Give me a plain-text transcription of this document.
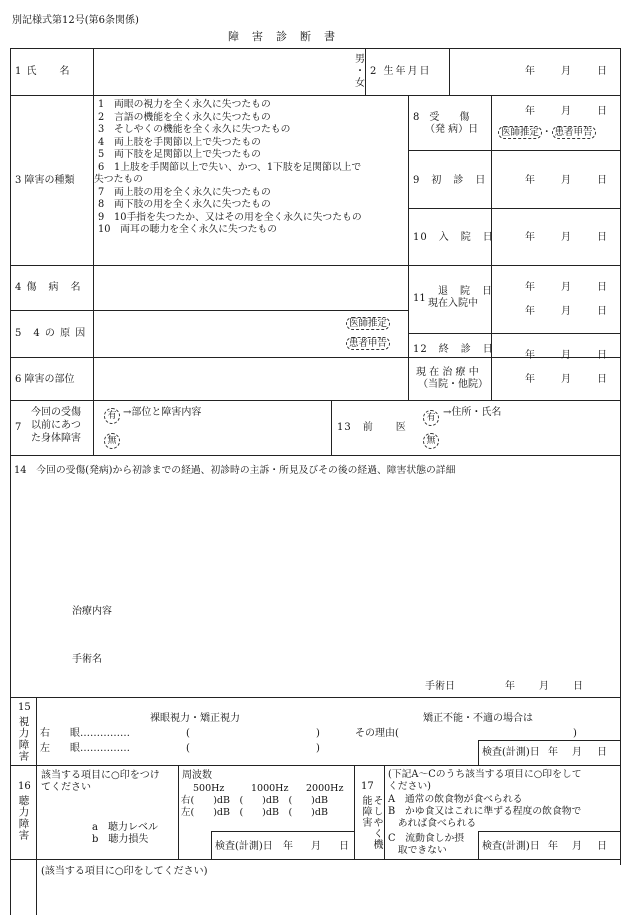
別記様式第12号(第6条関係)
障　害　診　断　書
1 氏　　名
男
・
女
2 生年月日	年	月	日
3 障害の種類
1　両眼の視力を全く永久に失つたもの
2　言語の機能を全く永久に失つたもの
3　そしやくの機能を全く永久に失つたもの
4　両上肢を手関節以上で失つたもの
5　両下肢を足関節以上で失つたもの
6　1上肢を手関節以上で失い、かつ、1下肢を足関節以上で
失つたもの
7　両上肢の用を全く永久に失つたもの
8　両下肢の用を全く永久に失つたもの
9　10手指を失つたか、又はその用を全く永久に失つたもの
10　両耳の聴力を全く永久に失つたもの
8　受　　傷
（発 病）日
年	月	日
医師推定 ・ 患者申告
9　初　診　日	年	月	日
10　入　院　日	年	月	日
4 傷　病　名
11
退　院　日
現在入院中
年	月	日
年	月	日
5　4 の 原 因
医師推定
患者申告
12　終　診　日
年	月	日
6 障害の部位
現 在 治 療 中
（当院・他院）	年	月	日
7
今回の受傷
以前にあつ
た身体障害
有
無
→部位と障害内容
13　前　　医
有
無
→住所・氏名
14　今回の受傷(発病)から初診までの経過、初診時の主訴・所見及びその後の経過、障害状態の詳細
治療内容
手術名
手術日	年 月 日
15
視力障害	裸眼視力・矯正視力
右　　眼……………
左　　眼……………
(	)
(	)
矯正不能・不適の場合は
その理由(	)
検査(計測)日 年 月 日
16
聴力障害
該当する項目に○印をつけ
てください
a　聴力レベル
b　聴力損失
周波数
500Hz	1000Hz 2000Hz
右(　　)dB　(　　)dB　(　　)dB
左(　　)dB　(　　)dB　(　　)dB
検査(計測)日 年 月 日
17
そしやく機能障害
(下記A～Cのうち該当する項目に○印をして
ください)
A　通常の飲食物が食べられる
B　かゆ食又はこれに準ずる程度の飲食物で
　あれば食べられる
C　流動食しか摂
　取できない	検査(計測)日 年 月 日
(該当する項目に○印をしてください)
